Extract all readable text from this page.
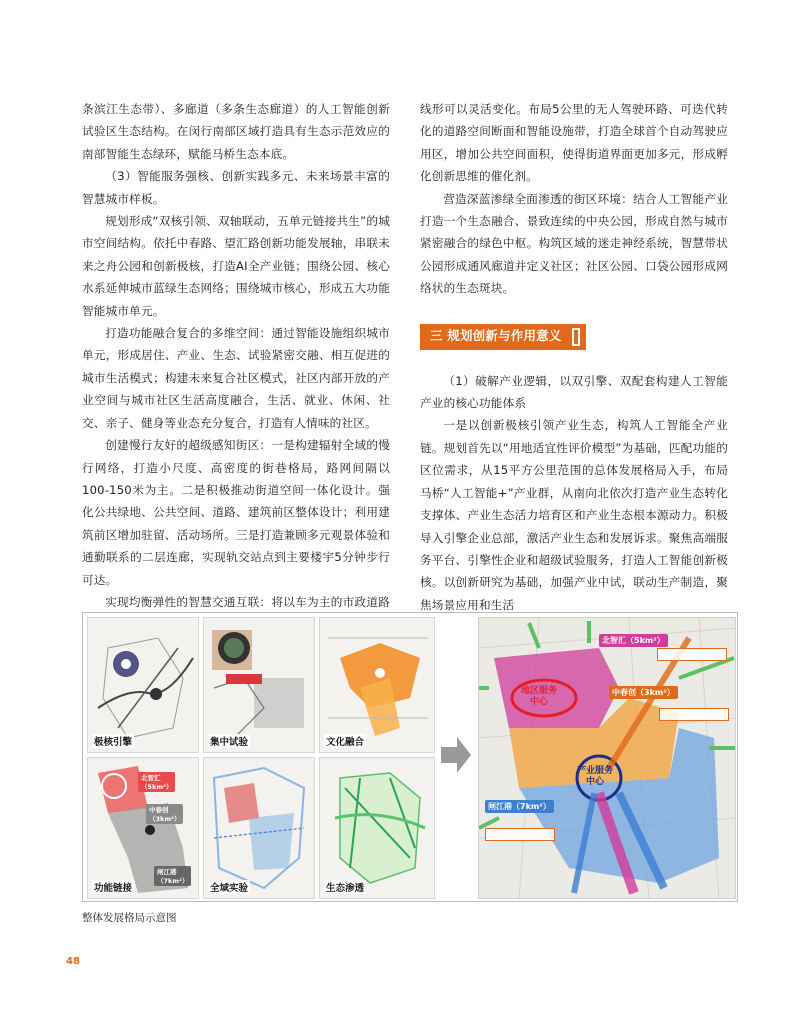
条滨江生态带）、多廊道（多条生态廊道）的人工智能创新试验区生态结构。在闵行南部区域打造具有生态示范效应的南部智能生态绿环，赋能马桥生态本底。

（3）智能服务强核、创新实践多元、未来场景丰富的智慧城市样板。

规划形成“双核引领、双轴联动，五单元链接共生”的城市空间结构。依托中春路、望汇路创新功能发展轴，串联未来之舟公园和创新极核，打造AI全产业链；围绕公园、核心水系延伸城市蓝绿生态网络；围绕城市核心，形成五大功能智能城市单元。

打造功能融合复合的多维空间：通过智能设施组织城市单元，形成居住、产业、生态、试验紧密交融、相互促进的城市生活模式；构建未来复合社区模式，社区内部开放的产业空间与城市社区生活高度融合，生活、就业、休闲、社交、亲子、健身等业态充分复合，打造有人情味的社区。

创建慢行友好的超级感知街区：一是构建辐射全域的慢行网络，打造小尺度、高密度的街巷格局，路网间隔以100-150米为主。二是积极推动街道空间一体化设计。强化公共绿地、公共空间、道路、建筑前区整体设计；利用建筑前区增加驻留、活动场所。三是打造兼顾多元观景体验和通勤联系的二层连廊，实现轨交站点到主要楼宇5分钟步行可达。

实现均衡弹性的智慧交通互联：将以车为主的市政道路

线形可以灵活变化。布局5公里的无人驾驶环路、可迭代转化的道路空间断面和智能设施带，打造全球首个自动驾驶应用区，增加公共空间面积，使得街道界面更加多元，形成孵化创新思维的催化剂。

营造深蓝渗绿全面渗透的街区环境：结合人工智能产业打造一个生态融合、景致连续的中央公园，形成自然与城市紧密融合的绿色中枢。构筑区域的迷走神经系统，智慧带状公园形成通风廊道并定义社区；社区公园、口袋公园形成网络状的生态斑块。

三 规划创新与作用意义

（1）破解产业逻辑，以双引擎、双配套构建人工智能产业的核心功能体系

一是以创新极核引领产业生态，构筑人工智能全产业链。规划首先以“用地适宜性评价模型”为基础，匹配功能的区位需求，从15平方公里范围的总体发展格局入手，布局马桥“人工智能+”产业群，从南向北依次打造产业生态转化支撑体、产业生态活力培育区和产业生态根本源动力。积极导入引擎企业总部，激活产业生态和发展诉求。聚焦高端服务平台、引擎性企业和超级试验服务，打造人工智能创新极核。以创新研究为基础，加强产业中试，联动生产制造，聚焦场景应用和生活

极核引擎	集中试验	文化融合
北智汇
（5km²）
中春创
（3km²）
闸江港
（7km²）
功能链接	全域实验	生态渗透
北智汇（5km²）
中春创（3km²）
闸江港（7km²）
地区服务
中心
产业服务
中心
整体发展格局示意图
48
